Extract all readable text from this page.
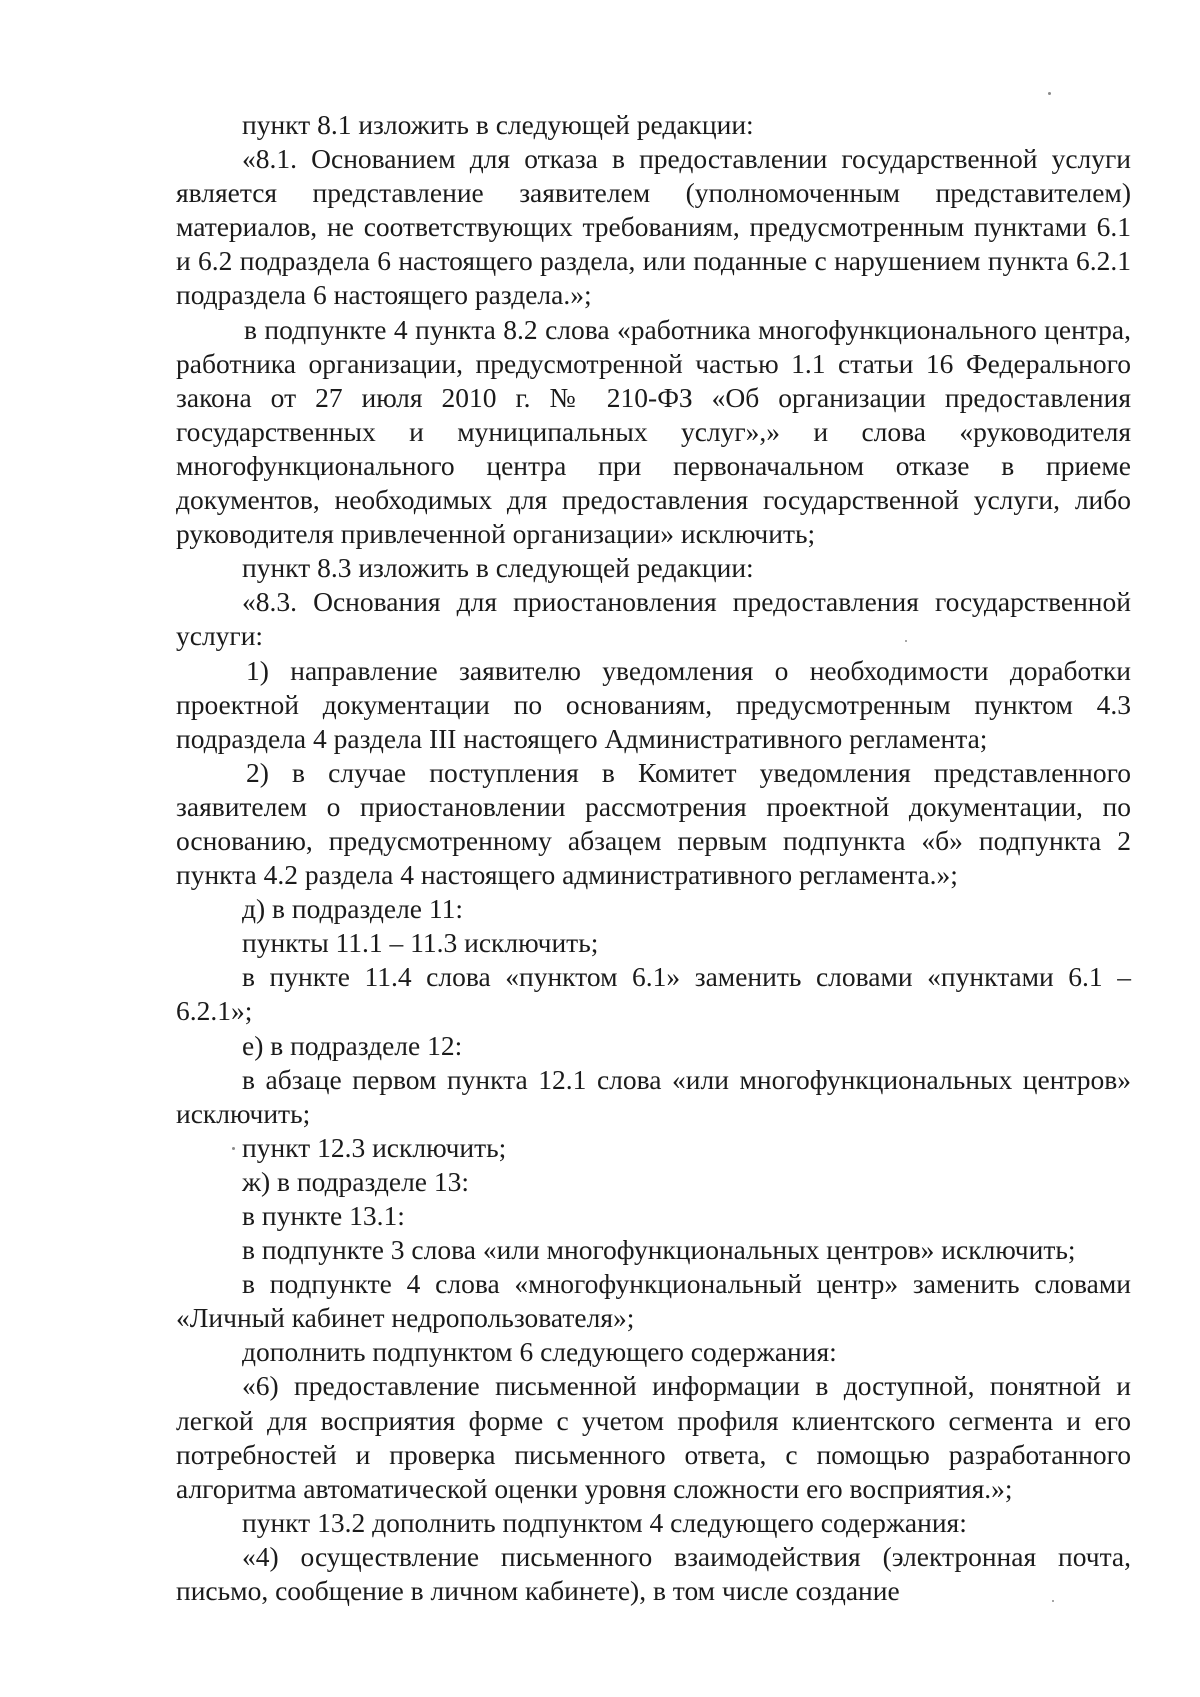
пункт 8.1 изложить в следующей редакции:

«8.1. Основанием для отказа в предоставлении государственной услуги является представление заявителем (уполномоченным представителем) материалов, не соответствующих требованиям, предусмотренным пунктами 6.1 и 6.2 подраздела 6 настоящего раздела, или поданные с нарушением пункта 6.2.1 подраздела 6 настоящего раздела.»;

в подпункте 4 пункта 8.2 слова «работника многофункционального центра, работника организации, предусмотренной частью 1.1 статьи 16 Федерального закона от 27 июля 2010 г. № 210-ФЗ «Об организации предоставления государственных и муниципальных услуг»,» и слова «руководителя многофункционального центра при первоначальном отказе в приеме документов, необходимых для предоставления государственной услуги, либо руководителя привлеченной организации» исключить;

пункт 8.3 изложить в следующей редакции:

«8.3. Основания для приостановления предоставления государственной услуги:

1) направление заявителю уведомления о необходимости доработки проектной документации по основаниям, предусмотренным пунктом 4.3 подраздела 4 раздела III настоящего Административного регламента;

2) в случае поступления в Комитет уведомления представленного заявителем о приостановлении рассмотрения проектной документации, по основанию, предусмотренному абзацем первым подпункта «б» подпункта 2 пункта 4.2 раздела 4 настоящего административного регламента.»;

д) в подразделе 11:

пункты 11.1 – 11.3 исключить;

в пункте 11.4 слова «пунктом 6.1» заменить словами «пунктами 6.1 – 6.2.1»;

е) в подразделе 12:

в абзаце первом пункта 12.1 слова «или многофункциональных центров» исключить;

пункт 12.3 исключить;

ж) в подразделе 13:

в пункте 13.1:

в подпункте 3 слова «или многофункциональных центров» исключить;

в подпункте 4 слова «многофункциональный центр» заменить словами «Личный кабинет недропользователя»;

дополнить подпунктом 6 следующего содержания:

«6) предоставление письменной информации в доступной, понятной и легкой для восприятия форме с учетом профиля клиентского сегмента и его потребностей и проверка письменного ответа, с помощью разработанного алгоритма автоматической оценки уровня сложности его восприятия.»;

пункт 13.2 дополнить подпунктом 4 следующего содержания:

«4) осуществление письменного взаимодействия (электронная почта, письмо, сообщение в личном кабинете), в том числе создание
